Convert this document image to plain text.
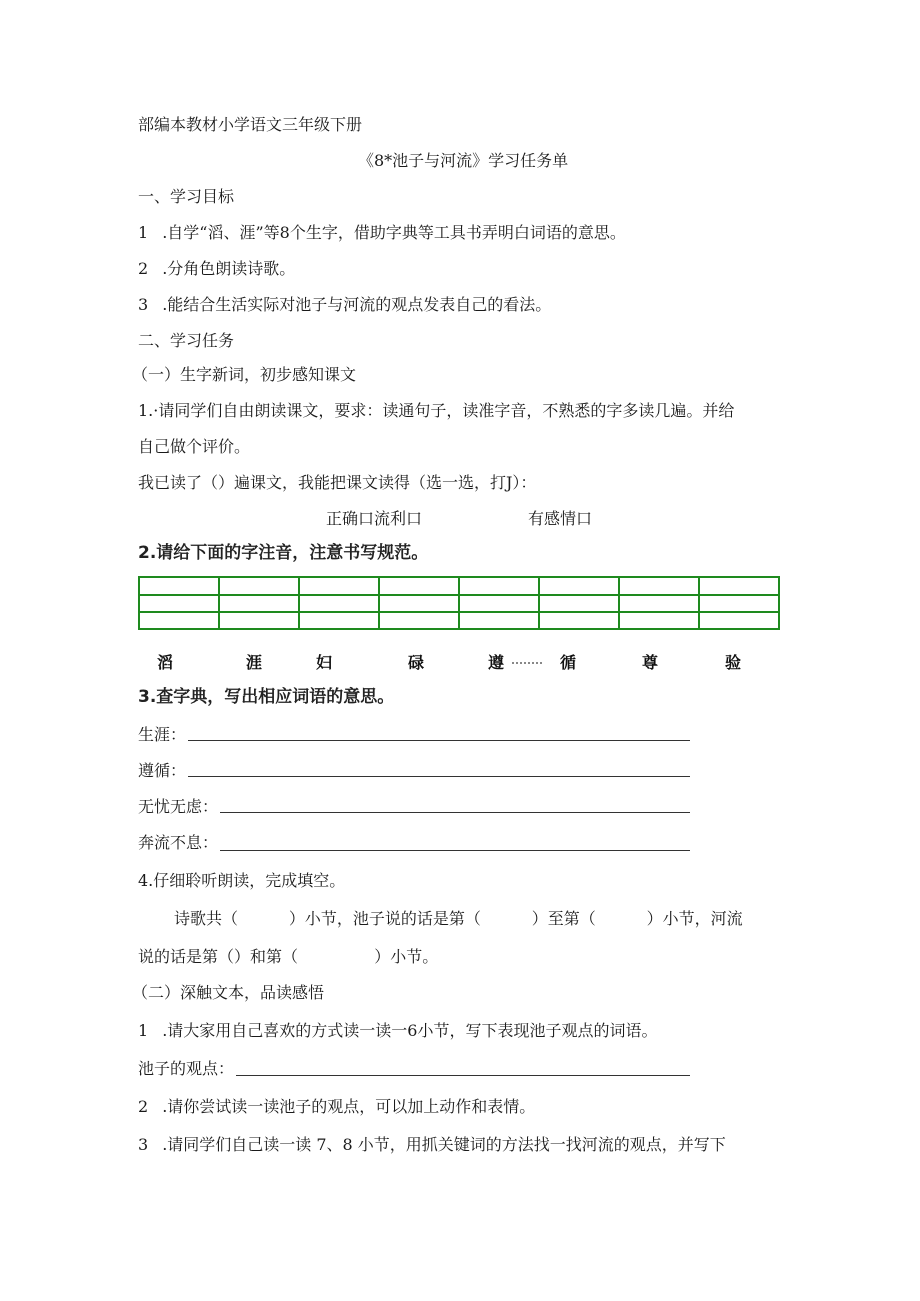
部编本教材小学语文三年级下册
《8*池子与河流》学习任务单
一、学习目标
1 .自学“滔、涯”等8个生字，借助字典等工具书弄明白词语的意思。
2 .分角色朗读诗歌。
3 .能结合生活实际对池子与河流的观点发表自己的看法。
二、学习任务
（一）生字新词，初步感知课文
1.·请同学们自由朗读课文，要求：读通句子，读准字音，不熟悉的字多读几遍。并给
自己做个评价。
我已读了（）遍课文，我能把课文读得（选一选，打J）：
正确口流利口	有感情口
2.请给下面的字注音，注意书写规范。
滔	涯	妇	碌	遵	循	尊	验
3.查字典，写出相应词语的意思。
生涯：
遵循：
无忧无虑：
奔流不息：
4.仔细聆听朗读，完成填空。
诗歌共（          ）小节，池子说的话是第（          ）至第（          ）小节，河流
说的话是第（）和第（               ）小节。
（二）深触文本，品读感悟
1 .请大家用自己喜欢的方式读一读一6小节，写下表现池子观点的词语。
池子的观点：
2 .请你尝试读一读池子的观点，可以加上动作和表情。
3 .请同学们自己读一读 7、8 小节，用抓关键词的方法找一找河流的观点，并写下
